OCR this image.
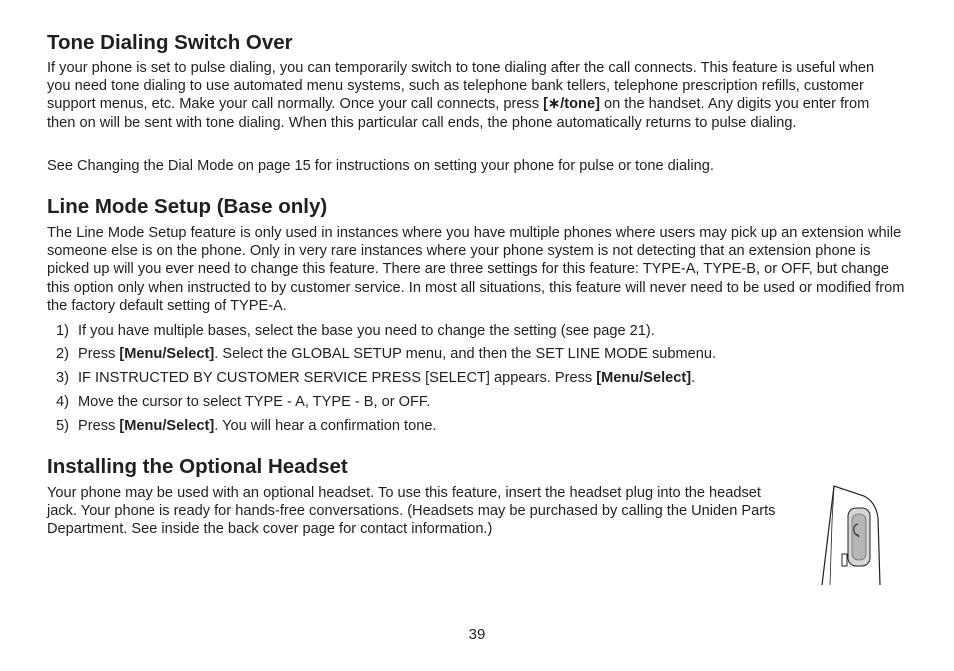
Tone Dialing Switch Over

If your phone is set to pulse dialing, you can temporarily switch to tone dialing after the call connects. This feature is useful when you need tone dialing to use automated menu systems, such as telephone bank tellers, telephone prescription refills, customer support menus, etc. Make your call normally. Once your call connects, press [∗/tone] on the handset. Any digits you enter from then on will be sent with tone dialing. When this particular call ends, the phone automatically returns to pulse dialing.

See Changing the Dial Mode on page 15 for instructions on setting your phone for pulse or tone dialing.

Line Mode Setup (Base only)

The Line Mode Setup feature is only used in instances where you have multiple phones where users may pick up an extension while someone else is on the phone. Only in very rare instances where your phone system is not detecting that an extension phone is picked up will you ever need to change this feature. There are three settings for this feature: TYPE-A, TYPE-B, or OFF, but change this option only when instructed to by customer service. In most all situations, this feature will never need to be used or modified from the factory default setting of TYPE-A.

1) If you have multiple bases, select the base you need to change the setting (see page 21).
2) Press [Menu/Select]. Select the GLOBAL SETUP menu, and then the SET LINE MODE submenu.
3) IF INSTRUCTED BY CUSTOMER SERVICE PRESS [SELECT] appears. Press [Menu/Select].
4) Move the cursor to select TYPE - A, TYPE - B, or OFF.
5) Press [Menu/Select]. You will hear a confirmation tone.
Installing the Optional Headset

Your phone may be used with an optional headset. To use this feature, insert the headset plug into the headset jack. Your phone is ready for hands-free conversations. (Headsets may be purchased by calling the Uniden Parts Department. See inside the back cover page for contact information.)

39
